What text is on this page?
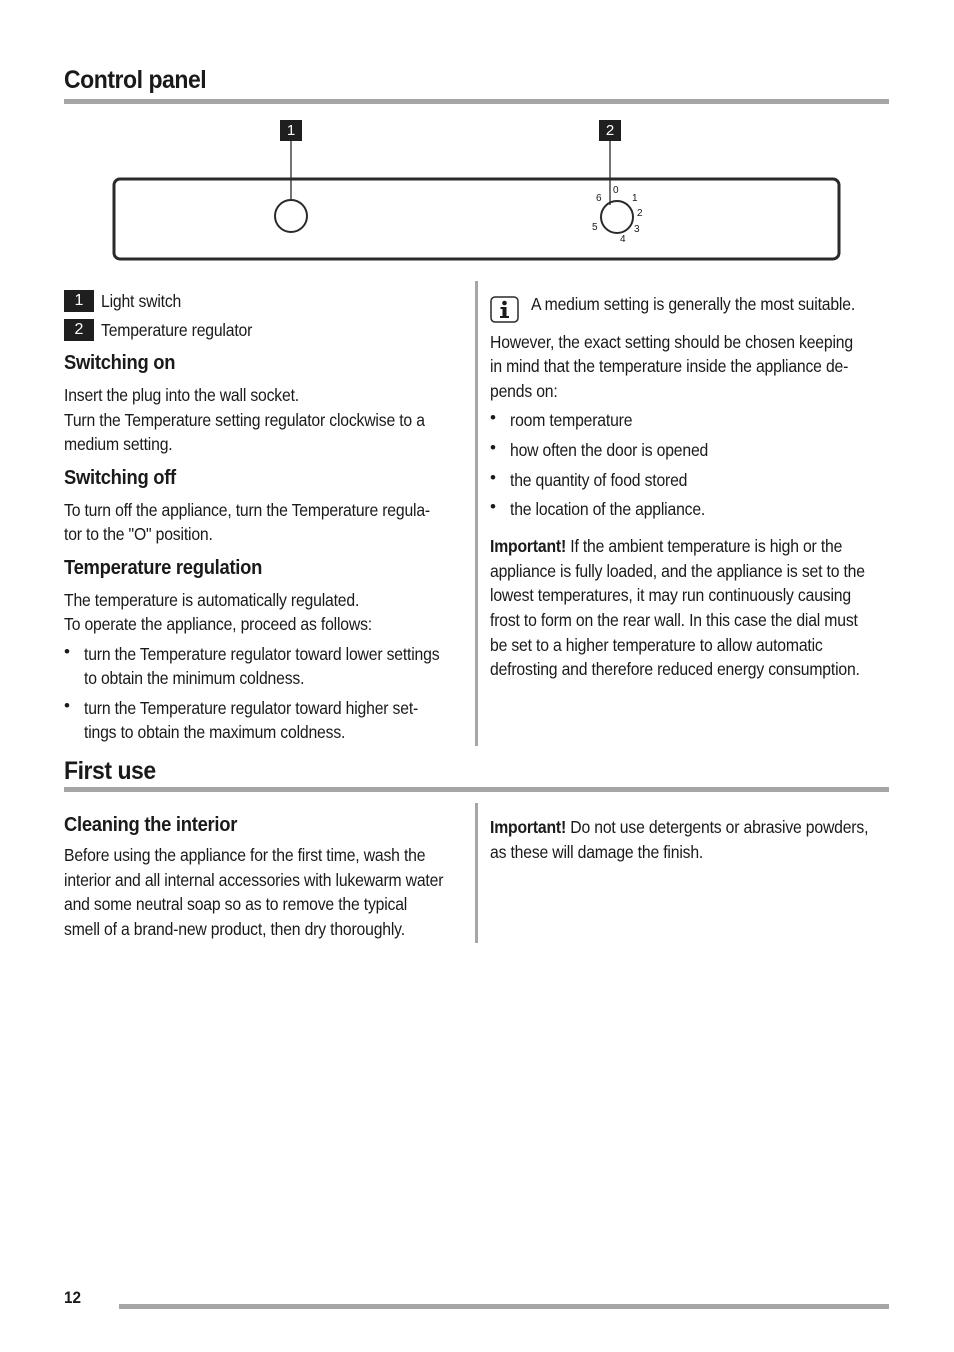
Control panel
1	2
0
1
2
3
4
5
6
1	Light switch
2	Temperature regulator
Switching on
Insert the plug into the wall socket.
Turn the Temperature setting regulator clockwise to a
medium setting.
Switching off
To turn off the appliance, turn the Temperature regula-
tor to the "O" position.
Temperature regulation
The temperature is automatically regulated.
To operate the appliance, proceed as follows:
• turn the Temperature regulator toward lower settings
to obtain the minimum coldness.
• turn the Temperature regulator toward higher set-
tings to obtain the maximum coldness.
A medium setting is generally the most suitable.
However, the exact setting should be chosen keeping
in mind that the temperature inside the appliance de-
pends on:
• room temperature
• how often the door is opened
• the quantity of food stored
• the location of the appliance.
Important! If the ambient temperature is high or the
appliance is fully loaded, and the appliance is set to the
lowest temperatures, it may run continuously causing
frost to form on the rear wall. In this case the dial must
be set to a higher temperature to allow automatic
defrosting and therefore reduced energy consumption.
First use
Cleaning the interior
Before using the appliance for the first time, wash the
interior and all internal accessories with lukewarm water
and some neutral soap so as to remove the typical
smell of a brand-new product, then dry thoroughly.
Important! Do not use detergents or abrasive powders,
as these will damage the finish.
12
